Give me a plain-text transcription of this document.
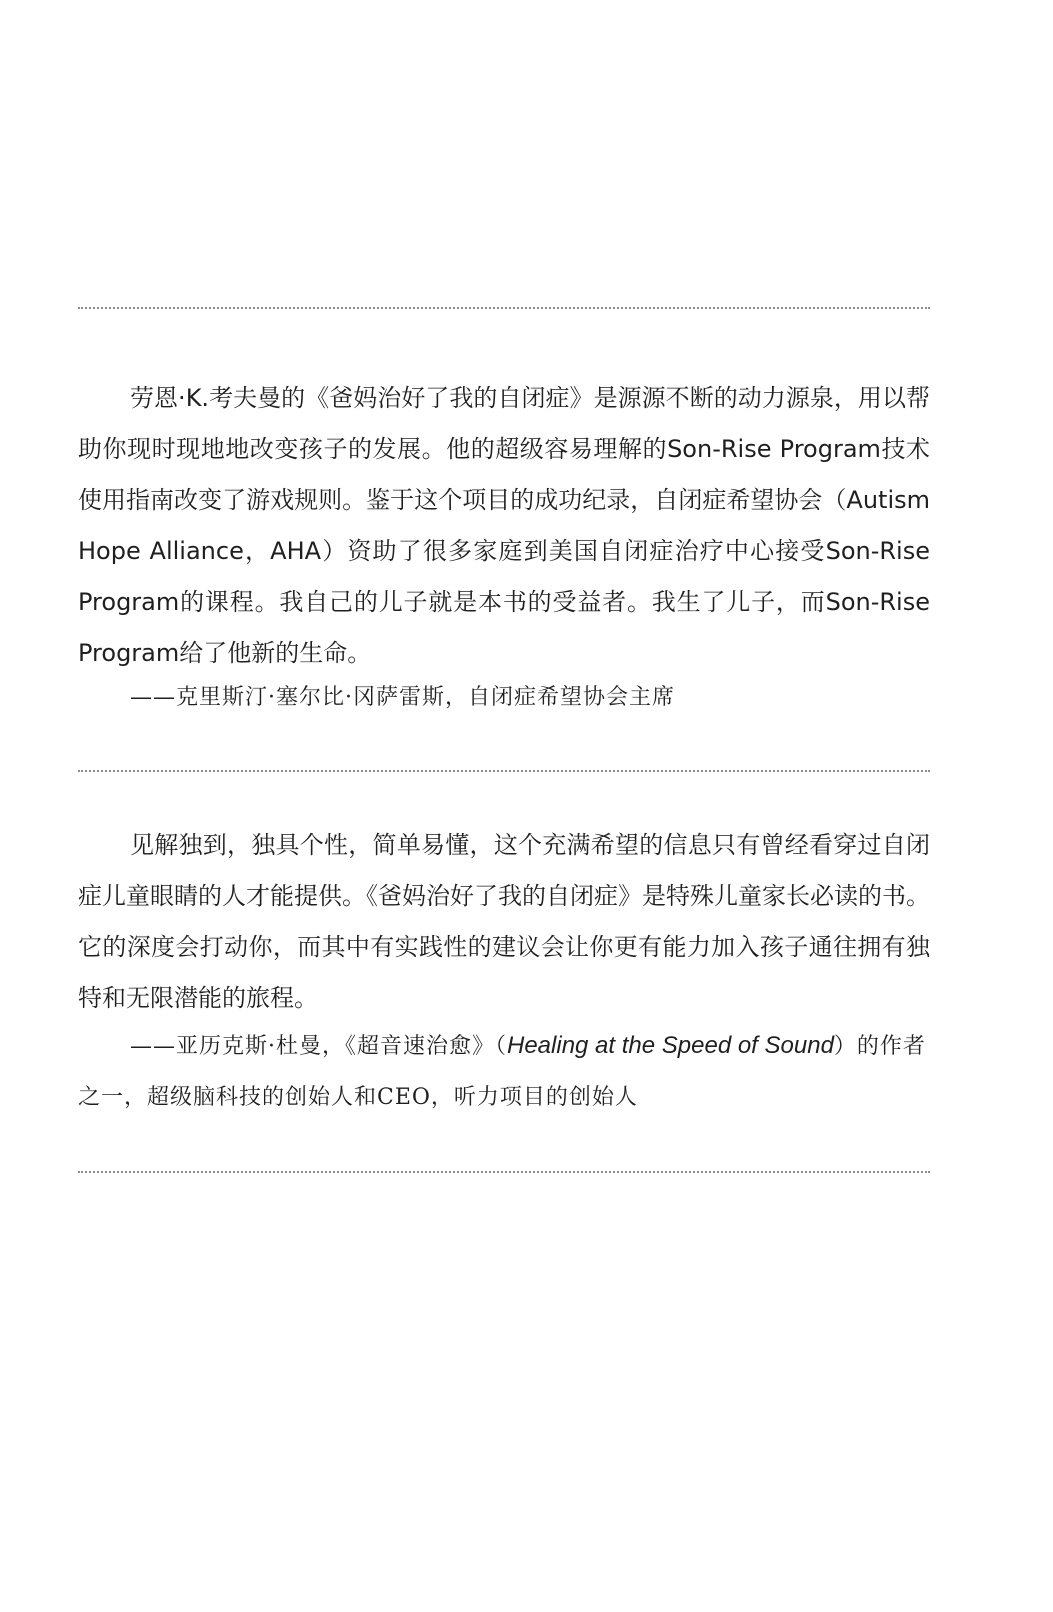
劳恩·K.考夫曼的《爸妈治好了我的自闭症》是源源不断的动力源泉，用以帮助你现时现地地改变孩子的发展。他的超级容易理解的Son-Rise Program技术使用指南改变了游戏规则。鉴于这个项目的成功纪录，自闭症希望协会（Autism Hope Alliance，AHA）资助了很多家庭到美国自闭症治疗中心接受Son-Rise Program的课程。我自己的儿子就是本书的受益者。我生了儿子，而Son-Rise Program给了他新的生命。

——克里斯汀·塞尔比·冈萨雷斯，自闭症希望协会主席

见解独到，独具个性，简单易懂，这个充满希望的信息只有曾经看穿过自闭症儿童眼睛的人才能提供。《爸妈治好了我的自闭症》是特殊儿童家长必读的书。它的深度会打动你，而其中有实践性的建议会让你更有能力加入孩子通往拥有独特和无限潜能的旅程。

——亚历克斯·杜曼，《超音速治愈》（Healing at the Speed of Sound）的作者之一，超级脑科技的创始人和CEO，听力项目的创始人
